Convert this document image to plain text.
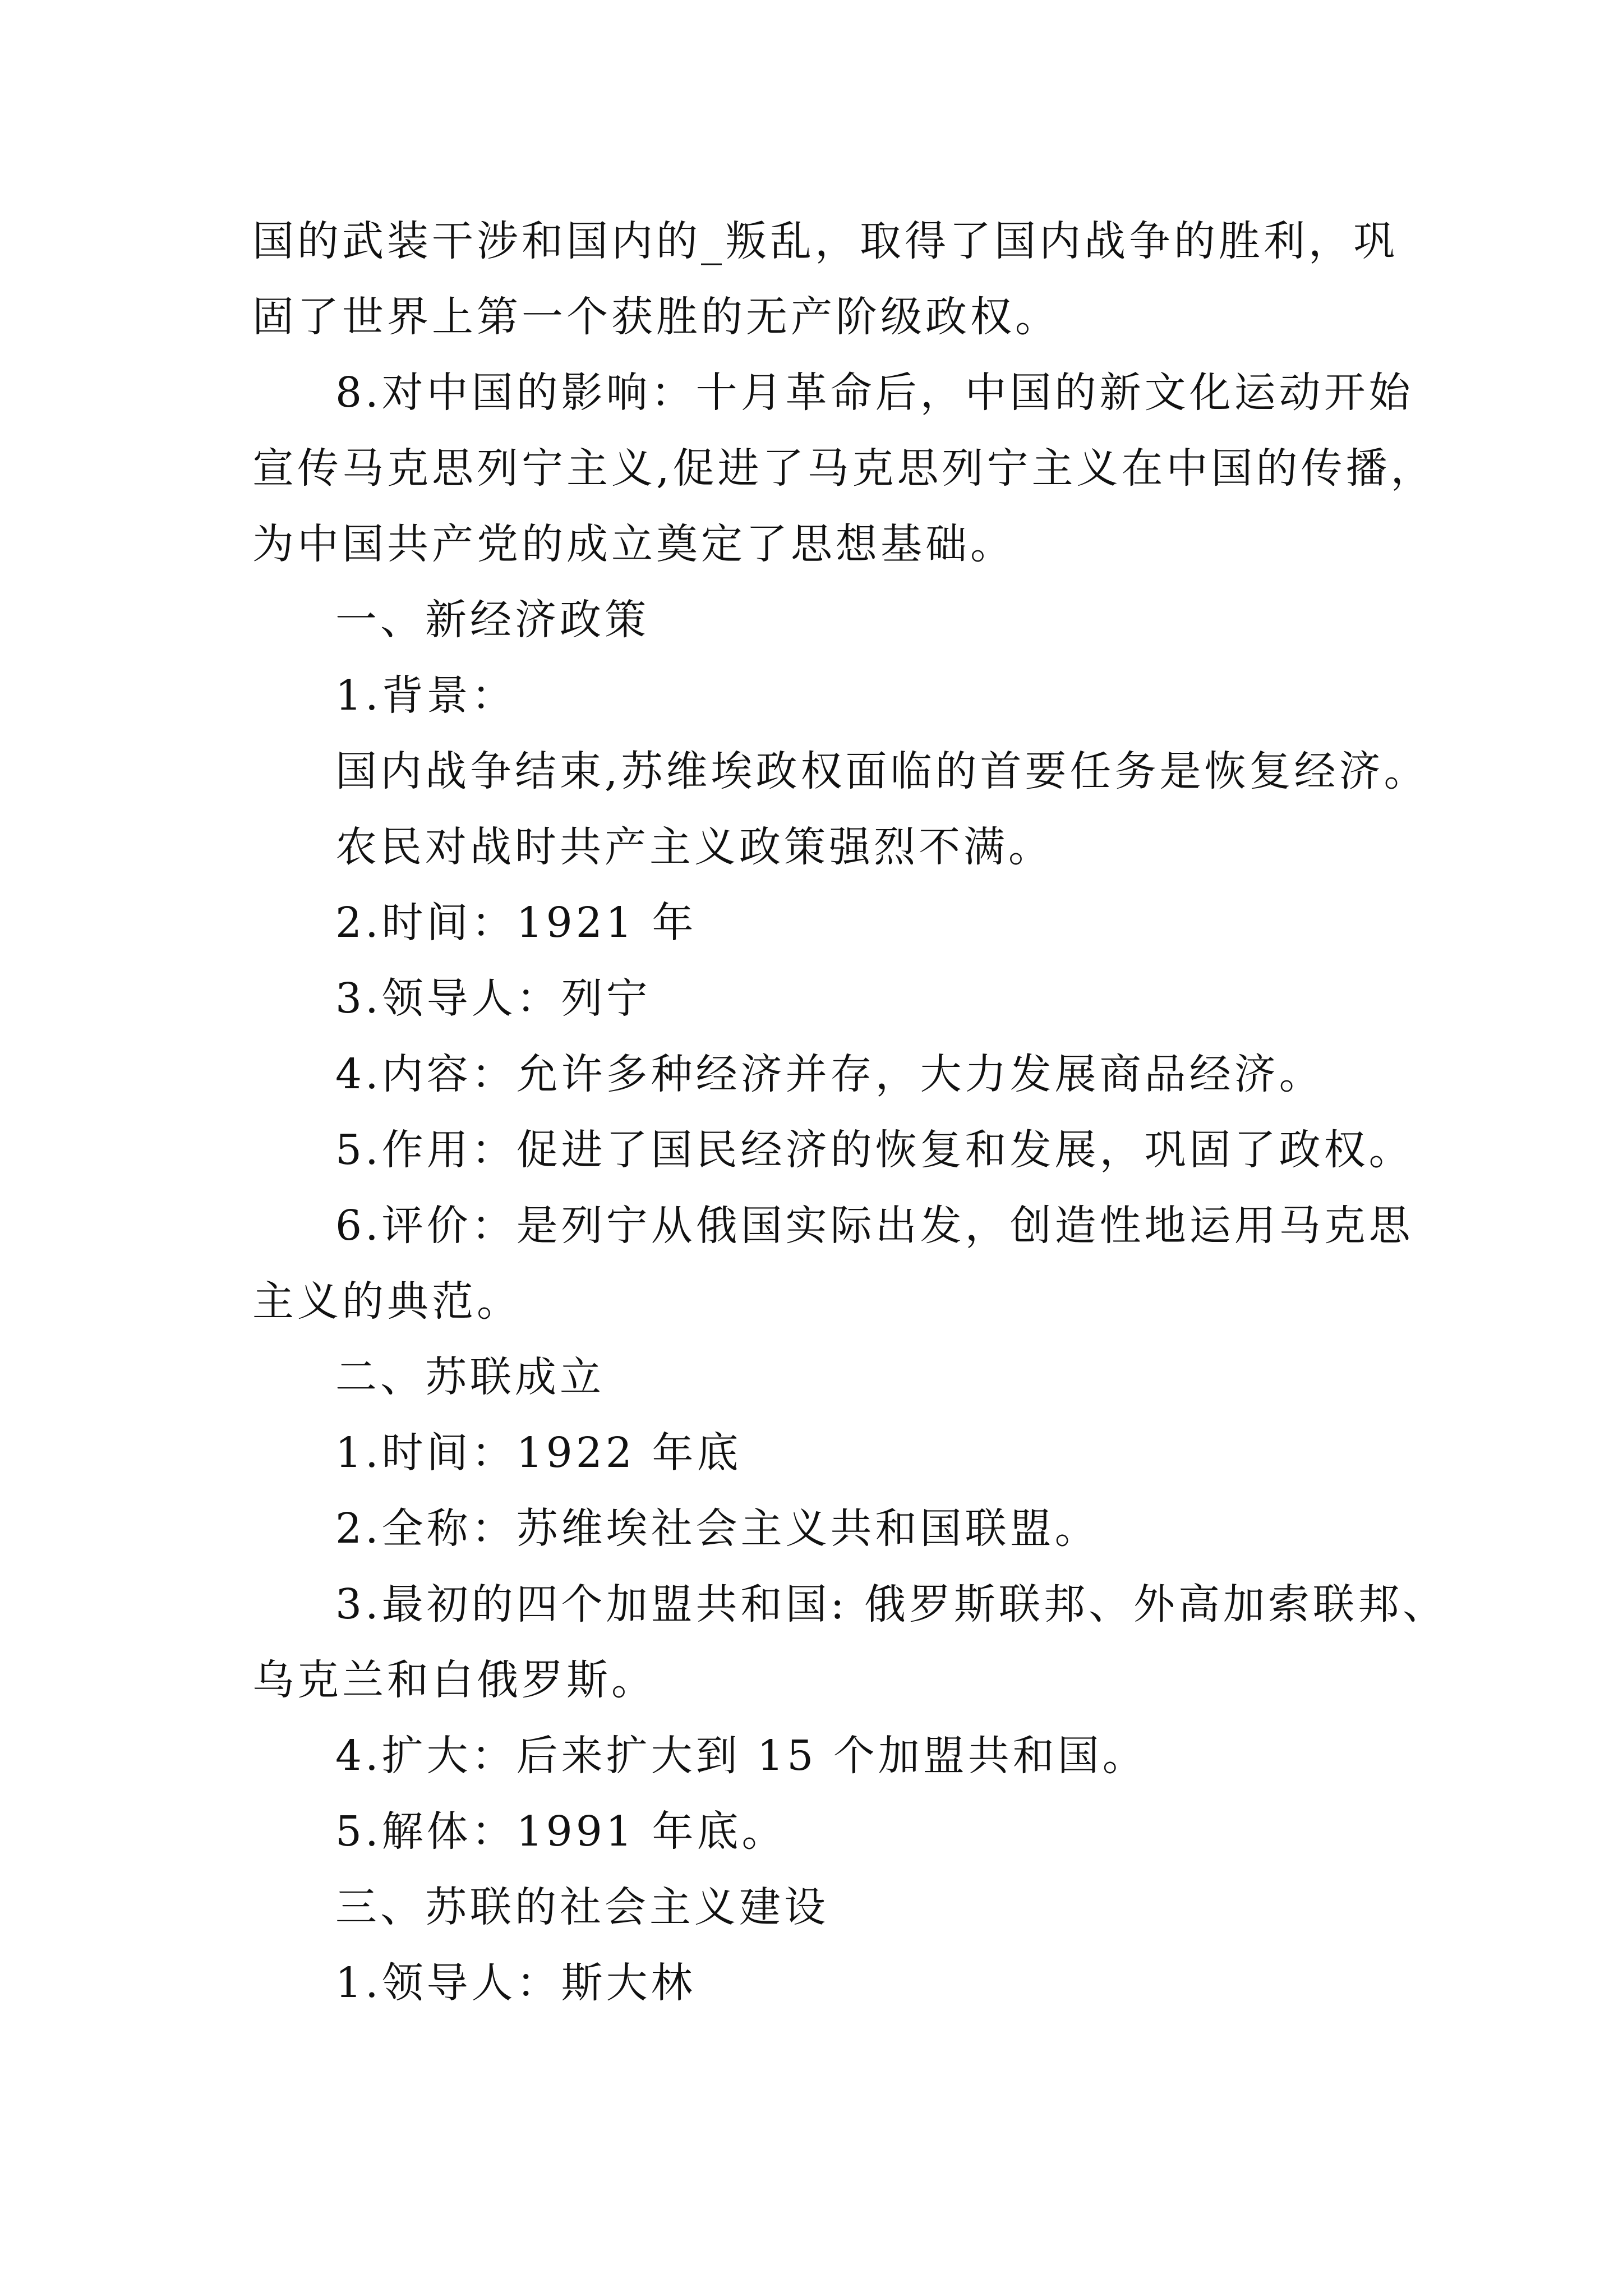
国的武装干涉和国内的_叛乱，取得了国内战争的胜利，巩
固了世界上第一个获胜的无产阶级政权。
8.对中国的影响：十月革命后，中国的新文化运动开始
宣传马克思列宁主义,促进了马克思列宁主义在中国的传播，
为中国共产党的成立奠定了思想基础。
一、新经济政策
1.背景：
国内战争结束,苏维埃政权面临的首要任务是恢复经济。
农民对战时共产主义政策强烈不满。
2.时间：1921 年
3.领导人：列宁
4.内容：允许多种经济并存，大力发展商品经济。
5.作用：促进了国民经济的恢复和发展，巩固了政权。
6.评价：是列宁从俄国实际出发，创造性地运用马克思
主义的典范。
二、苏联成立
1.时间：1922 年底
2.全称：苏维埃社会主义共和国联盟。
3.最初的四个加盟共和国: 俄罗斯联邦、外高加索联邦、
乌克兰和白俄罗斯。
4.扩大：后来扩大到 15 个加盟共和国。
5.解体：1991 年底。
三、苏联的社会主义建设
1.领导人：斯大林
